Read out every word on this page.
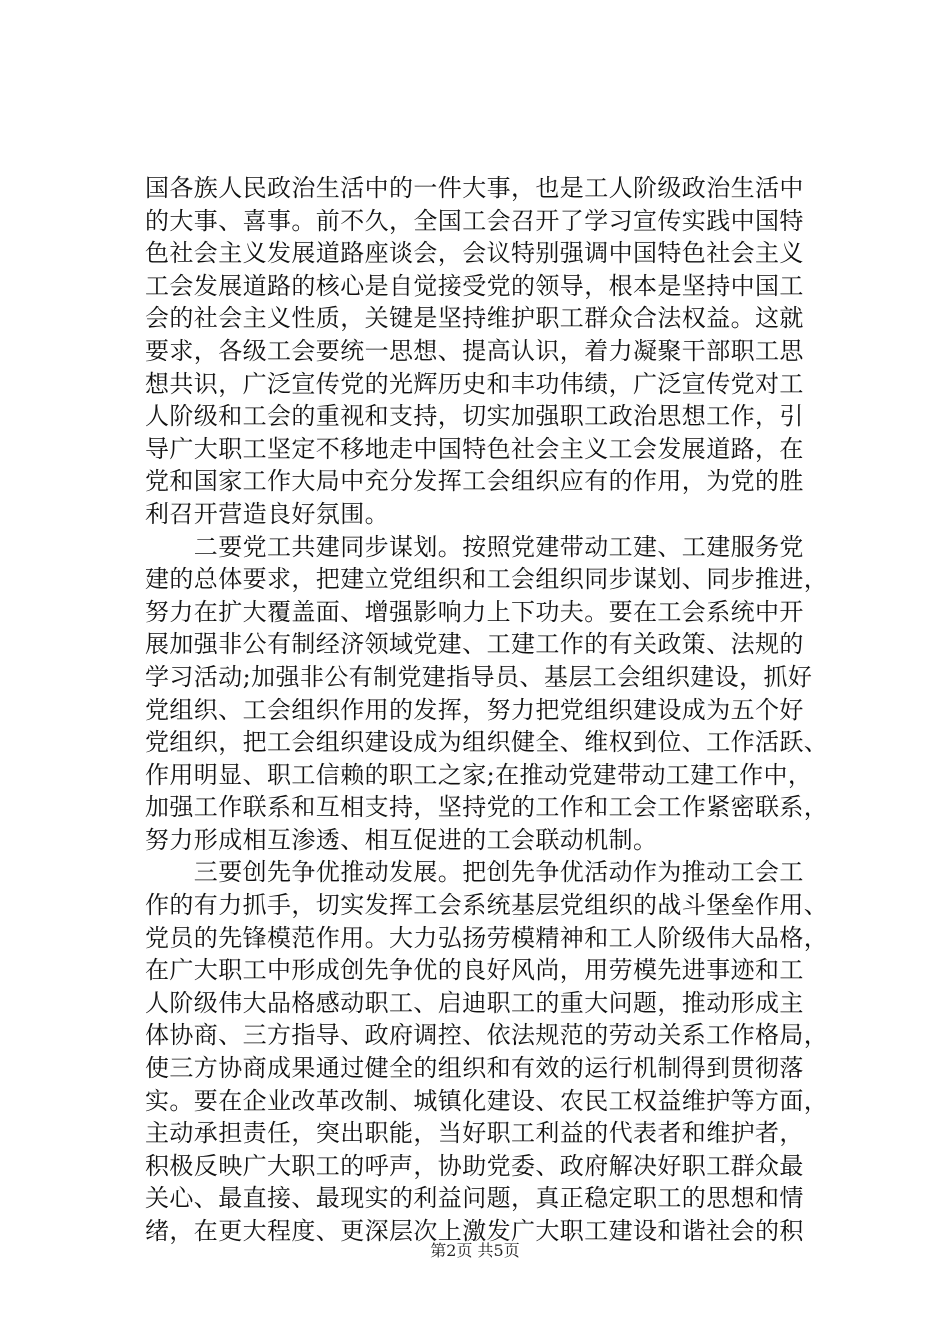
国各族人民政治生活中的一件大事，也是工人阶级政治生活中
的大事、喜事。前不久，全国工会召开了学习宣传实践中国特
色社会主义发展道路座谈会，会议特别强调中国特色社会主义
工会发展道路的核心是自觉接受党的领导，根本是坚持中国工
会的社会主义性质，关键是坚持维护职工群众合法权益。这就
要求，各级工会要统一思想、提高认识，着力凝聚干部职工思
想共识，广泛宣传党的光辉历史和丰功伟绩，广泛宣传党对工
人阶级和工会的重视和支持，切实加强职工政治思想工作，引
导广大职工坚定不移地走中国特色社会主义工会发展道路，在
党和国家工作大局中充分发挥工会组织应有的作用，为党的胜
利召开营造良好氛围。
　　二要党工共建同步谋划。按照党建带动工建、工建服务党
建的总体要求，把建立党组织和工会组织同步谋划、同步推进，
努力在扩大覆盖面、增强影响力上下功夫。要在工会系统中开
展加强非公有制经济领域党建、工建工作的有关政策、法规的
学习活动;加强非公有制党建指导员、基层工会组织建设，抓好
党组织、工会组织作用的发挥，努力把党组织建设成为五个好
党组织，把工会组织建设成为组织健全、维权到位、工作活跃、
作用明显、职工信赖的职工之家;在推动党建带动工建工作中，
加强工作联系和互相支持，坚持党的工作和工会工作紧密联系，
努力形成相互渗透、相互促进的工会联动机制。
　　三要创先争优推动发展。把创先争优活动作为推动工会工
作的有力抓手，切实发挥工会系统基层党组织的战斗堡垒作用、
党员的先锋模范作用。大力弘扬劳模精神和工人阶级伟大品格，
在广大职工中形成创先争优的良好风尚，用劳模先进事迹和工
人阶级伟大品格感动职工、启迪职工的重大问题，推动形成主
体协商、三方指导、政府调控、依法规范的劳动关系工作格局，
使三方协商成果通过健全的组织和有效的运行机制得到贯彻落
实。要在企业改革改制、城镇化建设、农民工权益维护等方面，
主动承担责任，突出职能，当好职工利益的代表者和维护者，
积极反映广大职工的呼声，协助党委、政府解决好职工群众最
关心、最直接、最现实的利益问题，真正稳定职工的思想和情
绪，在更大程度、更深层次上激发广大职工建设和谐社会的积
第2页 共5页
